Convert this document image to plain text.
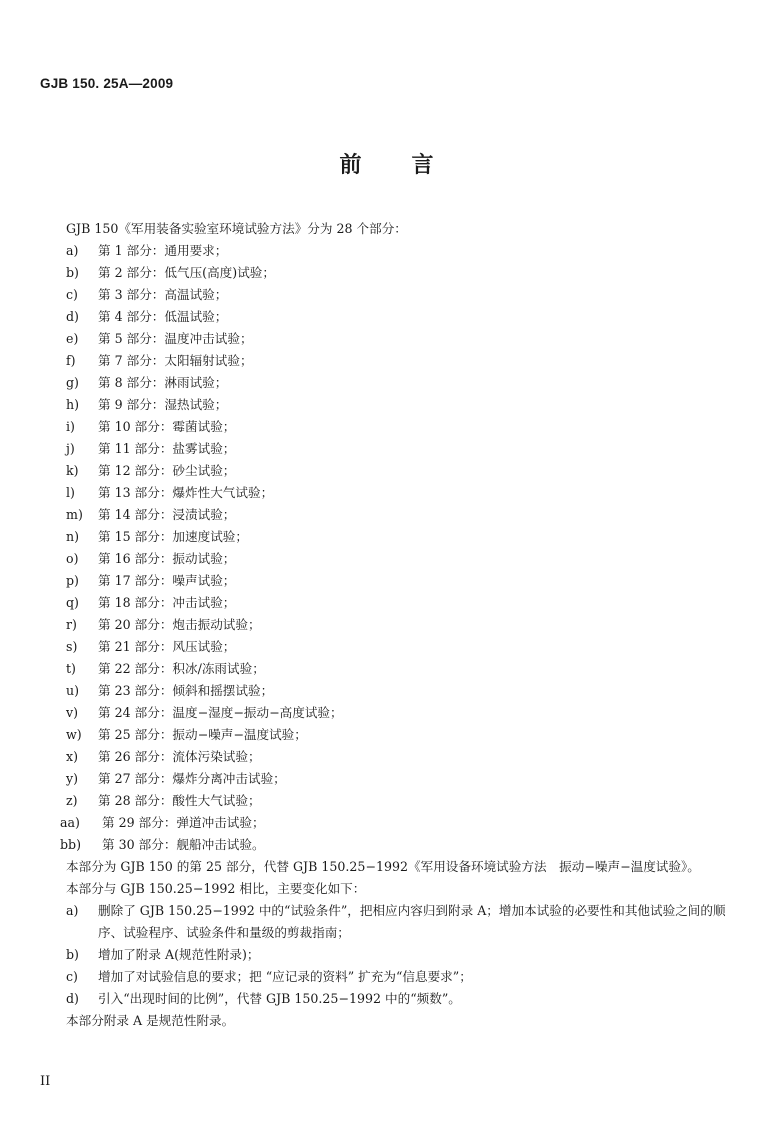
GJB 150. 25A—2009
前 言
GJB 150《军用装备实验室环境试验方法》分为 28 个部分：
a)	第 1 部分：通用要求；
b)	第 2 部分：低气压(高度)试验；
c)	第 3 部分：高温试验；
d)	第 4 部分：低温试验；
e)	第 5 部分：温度冲击试验；
f)	第 7 部分：太阳辐射试验；
g)	第 8 部分：淋雨试验；
h)	第 9 部分：湿热试验；
i)	第 10 部分：霉菌试验；
j)	第 11 部分：盐雾试验；
k)	第 12 部分：砂尘试验；
l)	第 13 部分：爆炸性大气试验；
m)	第 14 部分：浸渍试验；
n)	第 15 部分：加速度试验；
o)	第 16 部分：振动试验；
p)	第 17 部分：噪声试验；
q)	第 18 部分：冲击试验；
r)	第 20 部分：炮击振动试验；
s)	第 21 部分：风压试验；
t)	第 22 部分：积冰/冻雨试验；
u)	第 23 部分：倾斜和摇摆试验；
v)	第 24 部分：温度−湿度−振动−高度试验；
w)	第 25 部分：振动−噪声−温度试验；
x)	第 26 部分：流体污染试验；
y)	第 27 部分：爆炸分离冲击试验；
z)	第 28 部分：酸性大气试验；
aa)	第 29 部分：弹道冲击试验；
bb)	第 30 部分：舰船冲击试验。
本部分为 GJB 150 的第 25 部分，代替 GJB 150.25−1992《军用设备环境试验方法　振动−噪声−温度试验》。
本部分与 GJB 150.25−1992 相比，主要变化如下：
a)	删除了 GJB 150.25−1992 中的“试验条件”，把相应内容归到附录 A；增加本试验的必要性和其他试验之间的顺序、试验程序、试验条件和量级的剪裁指南；
b)	增加了附录 A(规范性附录)；
c)	增加了对试验信息的要求；把 “应记录的资料” 扩充为“信息要求”；
d)	引入“出现时间的比例”，代替 GJB 150.25−1992 中的“频数”。
本部分附录 A 是规范性附录。
II
